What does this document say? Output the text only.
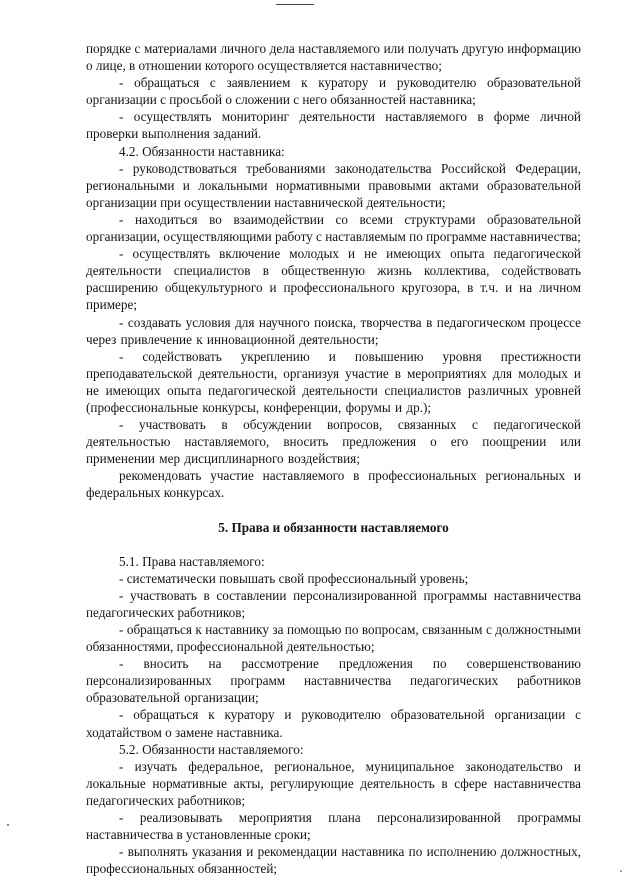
порядке с материалами личного дела наставляемого или получать другую информацию о лице, в отношении которого осуществляется наставничество;

- обращаться с заявлением к куратору и руководителю образовательной организации с просьбой о сложении с него обязанностей наставника;

- осуществлять мониторинг деятельности наставляемого в форме личной проверки выполнения заданий.

4.2. Обязанности наставника:

- руководствоваться требованиями законодательства Российской Федерации, региональными и локальными нормативными правовыми актами образовательной организации при осуществлении наставнической деятельности;

- находиться во взаимодействии со всеми структурами образовательной организации, осуществляющими работу с наставляемым по программе наставничества;

- осуществлять включение молодых и не имеющих опыта педагогической деятельности специалистов в общественную жизнь коллектива, содействовать расширению общекультурного и профессионального кругозора, в т.ч. и на личном примере;

- создавать условия для научного поиска, творчества в педагогическом процессе через привлечение к инновационной деятельности;

- содействовать укреплению и повышению уровня престижности преподавательской деятельности, организуя участие в мероприятиях для молодых и не имеющих опыта педагогической деятельности специалистов различных уровней (профессиональные конкурсы, конференции, форумы и др.);

- участвовать в обсуждении вопросов, связанных с педагогической деятельностью наставляемого, вносить предложения о его поощрении или применении мер дисциплинарного воздействия;

рекомендовать участие наставляемого в профессиональных региональных и федеральных конкурсах.

5. Права и обязанности наставляемого

5.1. Права наставляемого:

- систематически повышать свой профессиональный уровень;

- участвовать в составлении персонализированной программы наставничества педагогических работников;

- обращаться к наставнику за помощью по вопросам, связанным с должностными обязанностями, профессиональной деятельностью;

- вносить на рассмотрение предложения по совершенствованию персонализированных программ наставничества педагогических работников образовательной организации;

- обращаться к куратору и руководителю образовательной организации с ходатайством о замене наставника.

5.2. Обязанности наставляемого:

- изучать федеральное, региональное, муниципальное законодательство и локальные нормативные акты, регулирующие деятельность в сфере наставничества педагогических работников;

- реализовывать мероприятия плана персонализированной программы наставничества в установленные сроки;

- выполнять указания и рекомендации наставника по исполнению должностных, профессиональных обязанностей;
